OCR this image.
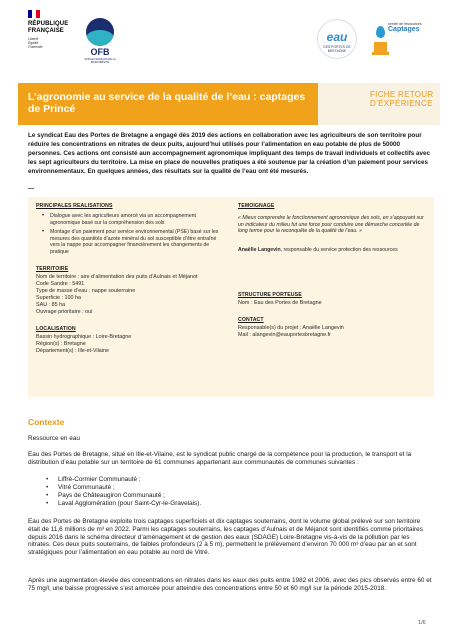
RÉPUBLIQUE
FRANÇAISE
Liberté
Égalité
Fraternité	OFB
OFFICE FRANÇAIS DE LA BIODIVERSITÉ
eau
DES PORTES DE BRETAGNE
centre de ressources
Captages
L’agronomie au service de la qualité de l’eau : captages de Princé
FICHE RETOUR D’EXPÉRIENCE
Le syndicat Eau des Portes de Bretagne a engagé dès 2019 des actions en collaboration avec les agriculteurs de son territoire pour réduire les concentrations en nitrates de deux puits, aujourd’hui utilisés pour l’alimentation en eau potable de plus de 50000 personnes. Ces actions ont consisté aun accompagnement agronomique impliquant des temps de travail individuels et collectifs avec les sept agriculteurs du territoire. La mise en place de nouvelles pratiques a été soutenue par la création d’un paiement pour services environnementaux. En quelques années, des résultats sur la qualité de l’eau ont été mesurés.
—
PRINCIPALES REALISATIONS
• Dialogue avec les agriculteurs amorcé via un accompagnement agronomique basé sur la compréhension des sols
• Montage d’un paiement pour service environnemental (PSE) basé sur les mesures des quantités d’azote minéral du sol susceptible d’être entraîné vers la nappe pour accompagner financièrement les changements de pratique
TERRITOIRE
Nom de territoire : aire d’alimentation des puits d’Aulnais et Méjanot
Code Sandre : 5491
Type de masse d’eau : nappe souterraine
Superficie : 100 ha
SAU : 85 ha
Ouvrage prioritaire : oui
LOCALISATION
Bassin hydrographique : Loire-Bretagne
Région(s) : Bretagne
Département(s) : Ille-et-Vilaine
TEMOIGNAGE
« Mieux comprendre le fonctionnement agronomique des sols, en s’appuyant sur un indicateur du milieu fut une force pour conduire une démarche concertée de long terme pour la reconquête de la qualité de l’eau. »
Anaëlle Langevin, responsable du service protection des ressources
STRUCTURE PORTEUSE
Nom : Eau des Portes de Bretagne
CONTACT
Responsable(s) du projet : Anaëlle Langevin
Mail : alangevin@eauportesbretagne.fr
Contexte
Ressource en eau
Eau des Portes de Bretagne, situé en Ille-et-Vilaine, est le syndicat public chargé de la compétence pour la production, le transport et la distribution d’eau potable sur un territoire de 61 communes appartenant aux communautés de communes suivantes :
• Liffré-Cormier Communauté ;
• Vitré Communauté ;
• Pays de Châteaugiron Communauté ;
• Laval Agglomération (pour Saint-Cyr-le-Gravelais).
Eau des Portes de Bretagne exploite trois captages superficiels et dix captages souterrains, dont le volume global prélevé sur son territoire était de 11,6 millions de m³ en 2022. Parmi les captages souterrains, les captages d’Aulnais et de Méjanot sont identifiés comme prioritaires depuis 2016 dans le schéma directeur d’aménagement et de gestion des eaux (SDAGE) Loire-Bretagne vis-à-vis de la pollution par les nitrates. Ces deux puits souterrains, de faibles profondeurs (2 à 5 m), permettent le prélèvement d’environ 70 000 m³ d’eau par an et sont stratégiques pour l’alimentation en eau potable au nord de Vitré.
Après une augmentation élevée des concentrations en nitrates dans les eaux des puits entre 1982 et 2006, avec des pics observés entre 60 et 75 mg/l, une baisse progressive s’est amorcée pour atteindre des concentrations entre 50 et 60 mg/l sur la période 2015-2018.
1/6
